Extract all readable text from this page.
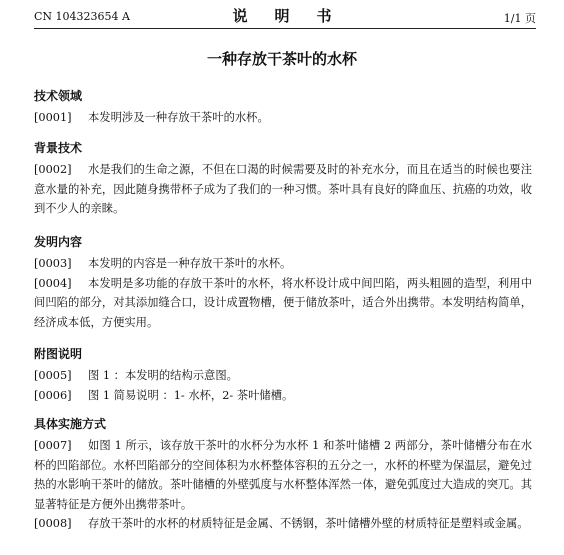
CN 104323654 A	说　明　书	1/1 页
一种存放干茶叶的水杯
技术领域
[0001]	本发明涉及一种存放干茶叶的水杯。
背景技术
[0002]	水是我们的生命之源，不但在口渴的时候需要及时的补充水分，而且在适当的时候也要注意水量的补充，因此随身携带杯子成为了我们的一种习惯。茶叶具有良好的降血压、抗癌的功效，收到不少人的亲睐。
发明内容
[0003]	本发明的内容是一种存放干茶叶的水杯。
[0004]	本发明是多功能的存放干茶叶的水杯，将水杯设计成中间凹陷，两头粗圆的造型，利用中间凹陷的部分，对其添加缝合口，设计成置物槽，便于储放茶叶，适合外出携带。本发明结构简单，经济成本低，方便实用。
附图说明
[0005]	图 1 ：本发明的结构示意图。
[0006]	图 1 简易说明 ：1- 水杯，2- 茶叶储槽。
具体实施方式
[0007]	如图 1 所示，该存放干茶叶的水杯分为水杯 1 和茶叶储槽 2 两部分，茶叶储槽分布在水杯的凹陷部位。水杯凹陷部分的空间体积为水杯整体容积的五分之一，水杯的杯壁为保温层，避免过热的水影响干茶叶的储放。茶叶储槽的外壁弧度与水杯整体浑然一体，避免弧度过大造成的突兀。其显著特征是方便外出携带茶叶。
[0008]	存放干茶叶的水杯的材质特征是金属、不锈钢，茶叶储槽外壁的材质特征是塑料或金属。
